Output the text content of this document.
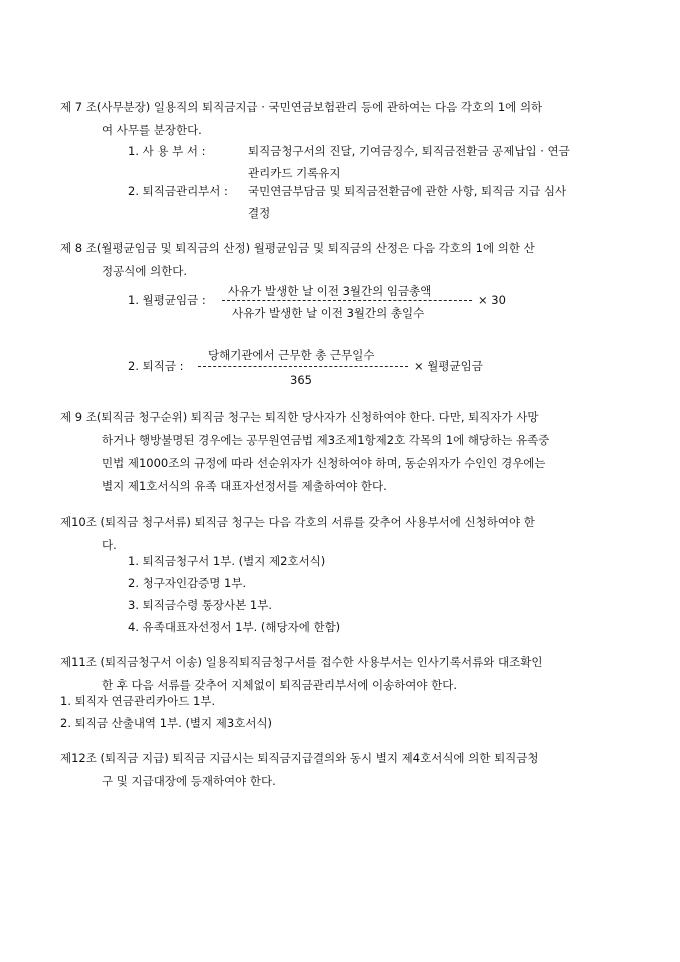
제 7 조(사무분장) 일용직의 퇴직금지급 · 국민연금보험관리 등에 관하여는 다음 각호의 1에 의하
여 사무를 분장한다.
1. 사 용 부 서 :	퇴직금청구서의 진달, 기여금징수, 퇴직금전환금 공제납입 · 연금
관리카드 기록유지
2. 퇴직금관리부서 : 국민연금부담금 및 퇴직금전환금에 관한 사항, 퇴직금 지급 심사
결정
제 8 조(월평균임금 및 퇴직금의 산정) 월평균임금 및 퇴직금의 산정은 다음 각호의 1에 의한 산
정공식에 의한다.
사유가 발생한 날 이전 3월간의 임금총액
1. 월평균임금 :	× 30
사유가 발생한 날 이전 3월간의 총일수
당해기관에서 근무한 총 근무일수
2. 퇴직금 :	× 월평균임금
365
제 9 조(퇴직금 청구순위) 퇴직금 청구는 퇴직한 당사자가 신청하여야 한다. 다만, 퇴직자가 사망
하거나 행방불명된 경우에는 공무원연금법 제3조제1항제2호 각목의 1에 해당하는 유족중
민법 제1000조의 규정에 따라 선순위자가 신청하여야 하며, 동순위자가 수인인 경우에는
별지 제1호서식의 유족 대표자선정서를 제출하여야 한다.
제10조 (퇴직금 청구서류) 퇴직금 청구는 다음 각호의 서류를 갖추어 사용부서에 신청하여야 한
다.
1. 퇴직금청구서 1부. (별지 제2호서식)
2. 청구자인감증명 1부.
3. 퇴직금수령 통장사본 1부.
4. 유족대표자선정서 1부. (해당자에 한함)
제11조 (퇴직금청구서 이송) 일용직퇴직금청구서를 접수한 사용부서는 인사기록서류와 대조확인
한 후 다음 서류를 갖추어 지체없이 퇴직금관리부서에 이송하여야 한다.
1. 퇴직자 연금관리카아드 1부.
2. 퇴직금 산출내역 1부. (별지 제3호서식)
제12조 (퇴직금 지급) 퇴직금 지급시는 퇴직금지급결의와 동시 별지 제4호서식에 의한 퇴직금청
구 및 지급대장에 등재하여야 한다.
